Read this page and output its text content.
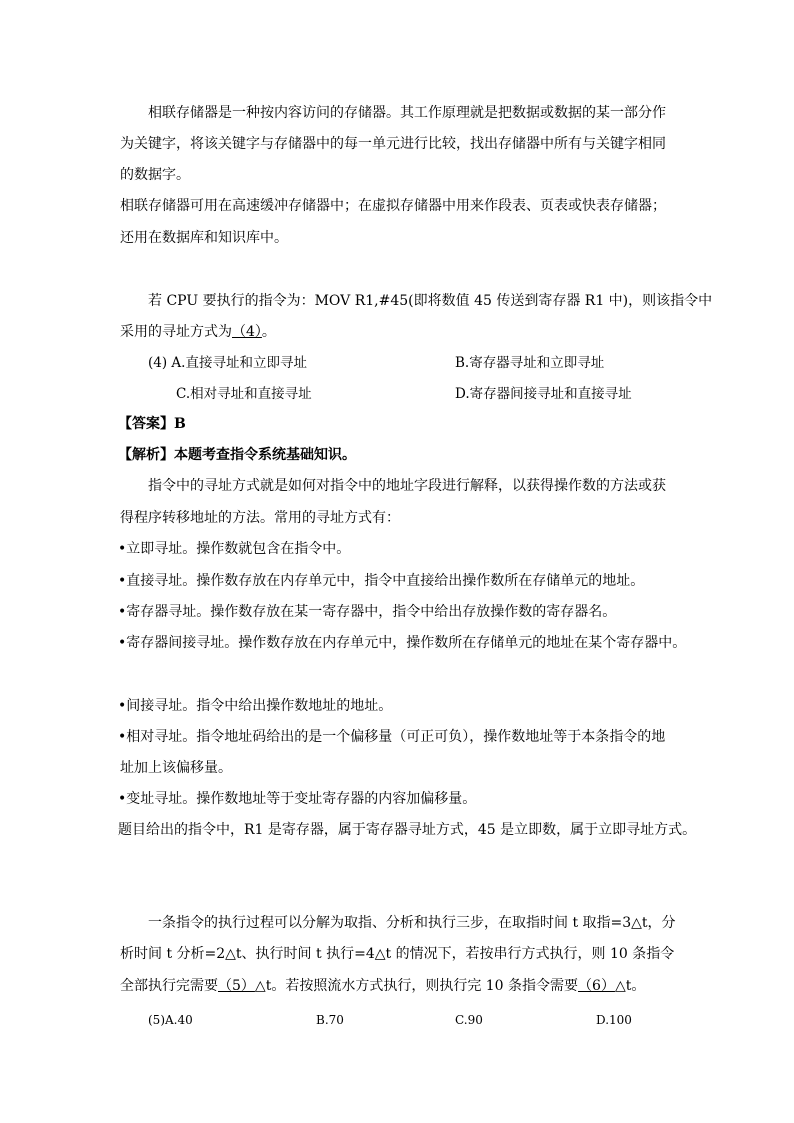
相联存储器是一种按内容访问的存储器。其工作原理就是把数据或数据的某一部分作
为关键字，将该关键字与存储器中的每一单元进行比较，找出存储器中所有与关键字相同
的数据字。
相联存储器可用在高速缓冲存储器中；在虚拟存储器中用来作段表、页表或快表存储器；
还用在数据库和知识库中。
若 CPU 要执行的指令为：MOV R1,#45(即将数值 45 传送到寄存器 R1 中)，则该指令中
采用的寻址方式为（4）。
(4) A.直接寻址和立即寻址	B.寄存器寻址和立即寻址
C.相对寻址和直接寻址	D.寄存器间接寻址和直接寻址
【答案】B
【解析】本题考查指令系统基础知识。
指令中的寻址方式就是如何对指令中的地址字段进行解释，以获得操作数的方法或获
得程序转移地址的方法。常用的寻址方式有：
•立即寻址。操作数就包含在指令中。
•直接寻址。操作数存放在内存单元中，指令中直接给出操作数所在存储单元的地址。
•寄存器寻址。操作数存放在某一寄存器中，指令中给出存放操作数的寄存器名。
•寄存器间接寻址。操作数存放在内存单元中，操作数所在存储单元的地址在某个寄存器中。
•间接寻址。指令中给出操作数地址的地址。
•相对寻址。指令地址码给出的是一个偏移量（可正可负），操作数地址等于本条指令的地
址加上该偏移量。
•变址寻址。操作数地址等于变址寄存器的内容加偏移量。
题目给出的指令中，R1 是寄存器，属于寄存器寻址方式，45 是立即数，属于立即寻址方式。
一条指令的执行过程可以分解为取指、分析和执行三步，在取指时间 t 取指=3△t，分
析时间 t 分析=2△t、执行时间 t 执行=4△t 的情况下，若按串行方式执行，则 10 条指令
全部执行完需要（5）△t。若按照流水方式执行，则执行完 10 条指令需要（6）△t。
(5)A.40	B.70	C.90	D.100
